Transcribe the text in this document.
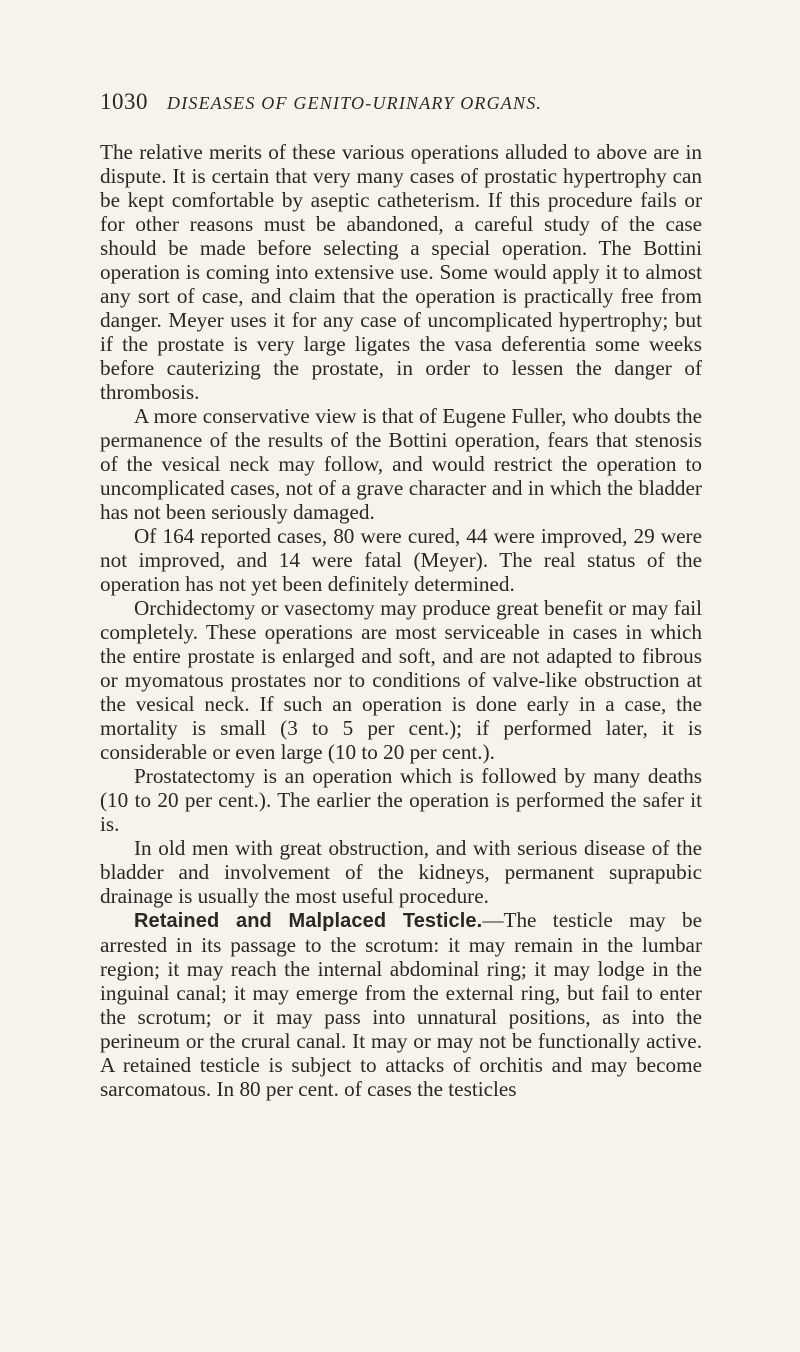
1030 DISEASES OF GENITO-URINARY ORGANS.

The relative merits of these various operations alluded to above are in dispute. It is certain that very many cases of prostatic hypertrophy can be kept comfortable by aseptic catheterism. If this procedure fails or for other reasons must be abandoned, a careful study of the case should be made before selecting a special operation. The Bottini operation is coming into extensive use. Some would apply it to almost any sort of case, and claim that the operation is practically free from danger. Meyer uses it for any case of uncomplicated hypertrophy; but if the prostate is very large ligates the vasa deferentia some weeks before cauterizing the prostate, in order to lessen the danger of thrombosis.

A more conservative view is that of Eugene Fuller, who doubts the permanence of the results of the Bottini operation, fears that stenosis of the vesical neck may follow, and would restrict the operation to uncomplicated cases, not of a grave character and in which the bladder has not been seriously damaged.

Of 164 reported cases, 80 were cured, 44 were improved, 29 were not improved, and 14 were fatal (Meyer). The real status of the operation has not yet been definitely determined.

Orchidectomy or vasectomy may produce great benefit or may fail completely. These operations are most serviceable in cases in which the entire prostate is enlarged and soft, and are not adapted to fibrous or myomatous prostates nor to conditions of valve-like obstruction at the vesical neck. If such an operation is done early in a case, the mortality is small (3 to 5 per cent.); if performed later, it is considerable or even large (10 to 20 per cent.).

Prostatectomy is an operation which is followed by many deaths (10 to 20 per cent.). The earlier the operation is performed the safer it is.

In old men with great obstruction, and with serious disease of the bladder and involvement of the kidneys, permanent suprapubic drainage is usually the most useful procedure.

Retained and Malplaced Testicle.—The testicle may be arrested in its passage to the scrotum: it may remain in the lumbar region; it may reach the internal abdominal ring; it may lodge in the inguinal canal; it may emerge from the external ring, but fail to enter the scrotum; or it may pass into unnatural positions, as into the perineum or the crural canal. It may or may not be functionally active. A retained testicle is subject to attacks of orchitis and may become sarcomatous. In 80 per cent. of cases the testicles
